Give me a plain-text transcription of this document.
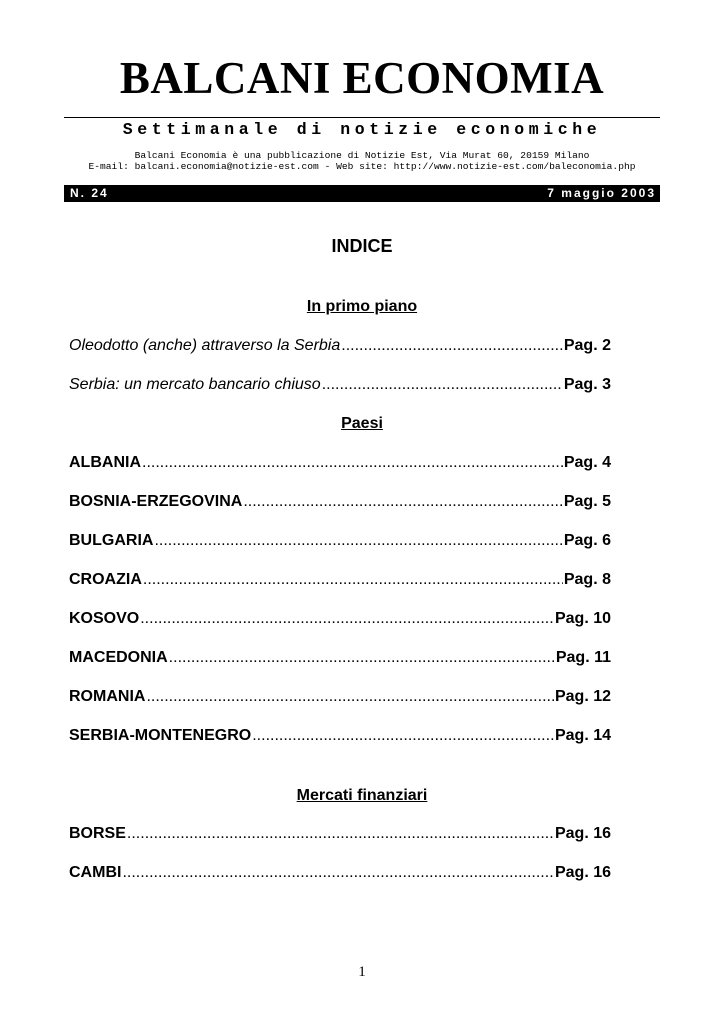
BALCANI ECONOMIA
Settimanale di notizie economiche
Balcani Economia è una pubblicazione di Notizie Est, Via Murat 60, 20159 Milano
E-mail: balcani.economia@notizie-est.com - Web site: http://www.notizie-est.com/baleconomia.php
N. 24	7 maggio 2003
INDICE
In primo piano
Oleodotto (anche) attraverso la Serbia .....	Pag. 2
Serbia: un mercato bancario chiuso .....	Pag. 3
Paesi
ALBANIA .....	Pag. 4
BOSNIA-ERZEGOVINA .....	Pag. 5
BULGARIA .....	Pag. 6
CROAZIA .....	Pag. 8
KOSOVO .....	Pag. 10
MACEDONIA .....	Pag. 11
ROMANIA .....	Pag. 12
SERBIA-MONTENEGRO .....	Pag. 14
Mercati finanziari
BORSE .....	Pag. 16
CAMBI .....	Pag. 16
1
